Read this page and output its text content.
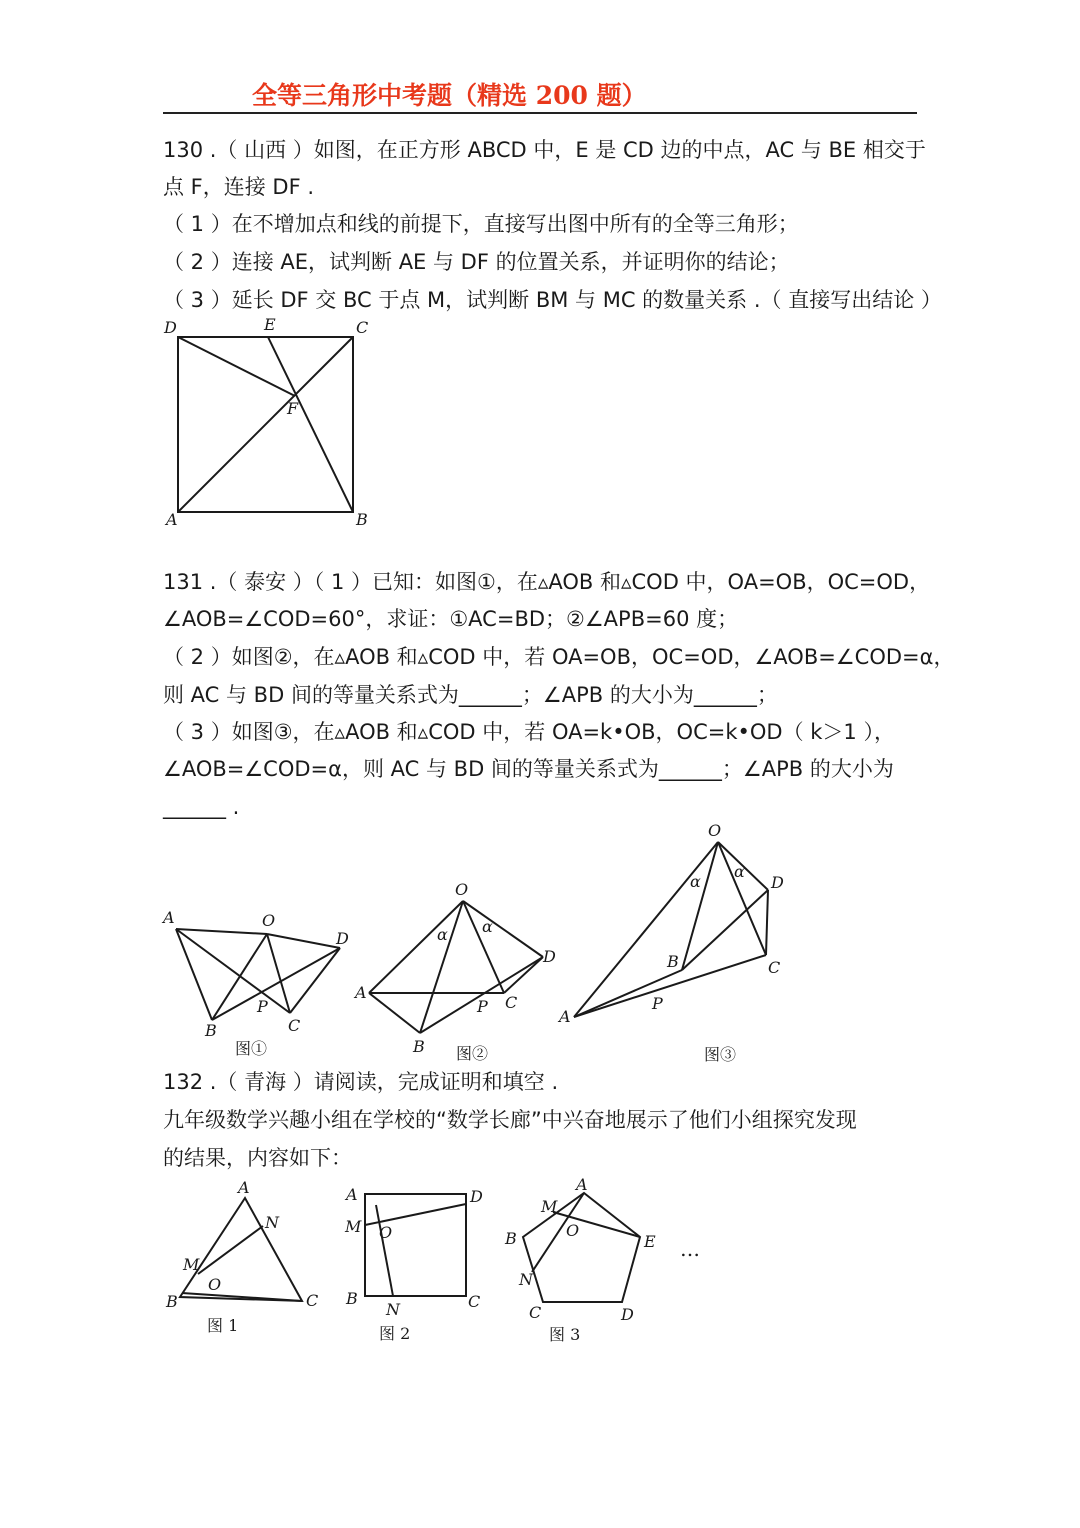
全等三角形中考题（精选 200 题）
130 .（ 山西 ）如图，在正方形 ABCD 中，E 是 CD 边的中点，AC 与 BE 相交于
点 F，连接 DF .
（ 1 ）在不增加点和线的前提下，直接写出图中所有的全等三角形；
（ 2 ）连接 AE，试判断 AE 与 DF 的位置关系，并证明你的结论；
（ 3 ）延长 DF 交 BC 于点 M，试判断 BM 与 MC 的数量关系 .（ 直接写出结论 ）
D	E	C
F
A	B
131 .（ 泰安 ）（ 1 ）已知：如图①，在▵AOB 和▵COD 中，OA=OB，OC=OD，
∠AOB=∠COD=60°，求证：①AC=BD；②∠APB=60 度；
（ 2 ）如图②，在▵AOB 和▵COD 中，若 OA=OB，OC=OD，∠AOB=∠COD=α，
则 AC 与 BD 间的等量关系式为______；∠APB 的大小为______；
（ 3 ）如图③，在▵AOB 和▵COD 中，若 OA=k•OB，OC=k•OD（ k＞1 ），
∠AOB=∠COD=α，则 AC 与 BD 间的等量关系式为______；∠APB 的大小为
______ .
A	O
D
P
B	C
图①
O
α α
D
A
P C
B 图②
O
α
α
D
B	C
P
A
图③
132 .（ 青海 ）请阅读，完成证明和填空 .
九年级数学兴趣小组在学校的“数学长廊”中兴奋地展示了他们小组探究发现
的结果，内容如下：
A
N
M
O
B	C
图 1
A	D
M O
B	C
N
图 2
A
M
O
B	E
N
C	D
图 3
…
